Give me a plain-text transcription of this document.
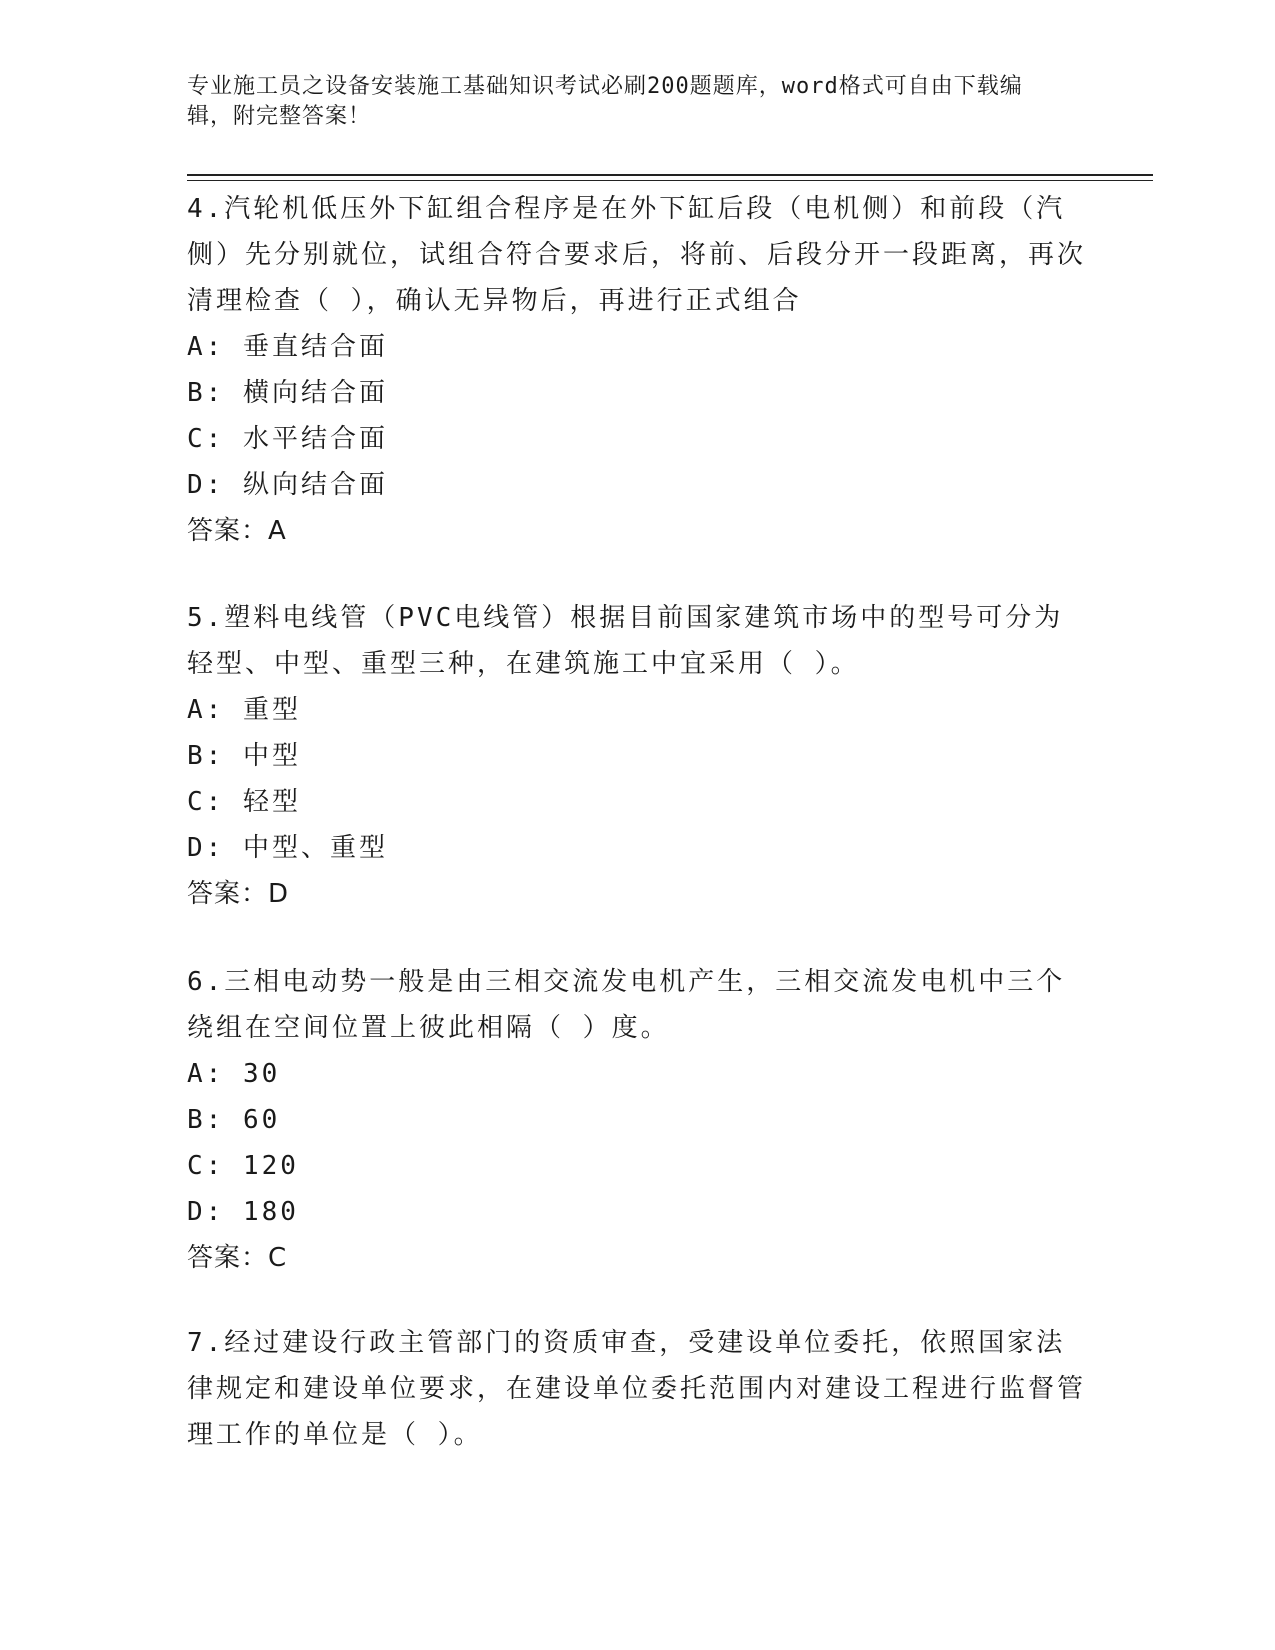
专业施工员之设备安装施工基础知识考试必刷200题题库，word格式可自由下载编辑，附完整答案！

4.汽轮机低压外下缸组合程序是在外下缸后段（电机侧）和前段（汽侧）先分别就位，试组合符合要求后，将前、后段分开一段距离，再次清理检查（ ），确认无异物后，再进行正式组合

A: 垂直结合面

B: 横向结合面

C: 水平结合面

D: 纵向结合面

答案：A

5.塑料电线管（PVC电线管）根据目前国家建筑市场中的型号可分为轻型、中型、重型三种，在建筑施工中宜采用（ ）。

A: 重型

B: 中型

C: 轻型

D: 中型、重型

答案：D

6.三相电动势一般是由三相交流发电机产生，三相交流发电机中三个绕组在空间位置上彼此相隔（ ）度。

A: 30

B: 60

C: 120

D: 180

答案：C

7.经过建设行政主管部门的资质审查，受建设单位委托，依照国家法律规定和建设单位要求，在建设单位委托范围内对建设工程进行监督管理工作的单位是（ ）。
